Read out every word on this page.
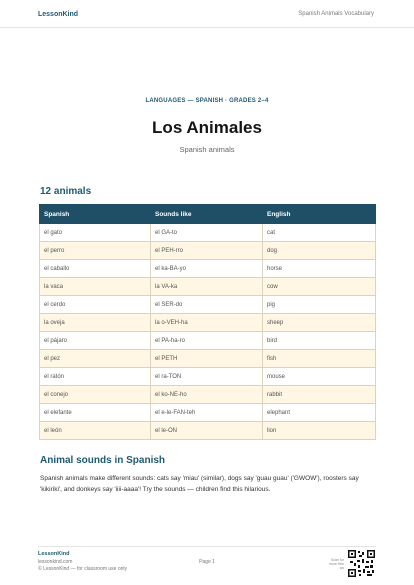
LessonKind	Spanish Animals Vocabulary
LANGUAGES — SPANISH · GRADES 2–4
Los Animales
Spanish animals
12 animals
Spanish	Sounds like	English
el gato	el GA-to	cat
el perro	el PEH-rro	dog
el caballo	el ka-BA-yo	horse
la vaca	la VA-ka	cow
el cerdo	el SER-do	pig
la oveja	la o-VEH-ha	sheep
el pájaro	el PA-ha-ro	bird
el pez	el PETH	fish
el ratón	el ra-TON	mouse
el conejo	el ko-NE-ho	rabbit
el elefante	el e-le-FAN-teh	elephant
el león	el le-ON	lion
Animal sounds in Spanish

Spanish animals make different sounds: cats say 'miau' (similar), dogs say 'guau guau' ('GWOW'), roosters say 'kikiriki', and donkeys say 'iiii-aaaa'! Try the sounds — children find this hilarious.

LessonKind
lessonkind.com
© LessonKind — for classroom use only
Page 1	Scan for more free ws
